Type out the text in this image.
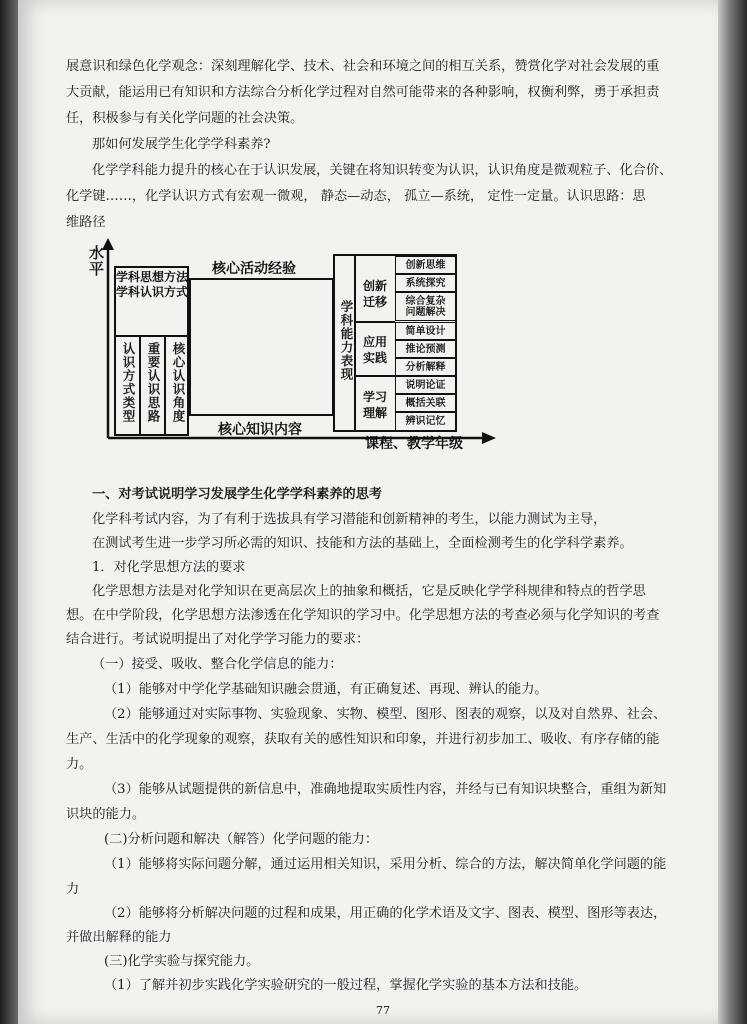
展意识和绿色化学观念：深刻理解化学、技术、社会和环境之间的相互关系，赞赏化学对社会发展的重
大贡献，能运用已有知识和方法综合分析化学过程对自然可能带来的各种影响，权衡利弊，勇于承担责
任，积极参与有关化学问题的社会决策。
那如何发展学生化学学科素养?
化学学科能力提升的核心在于认识发展，关键在将知识转变为认识，认识角度是微观粒子、化合价、
化学键……，化学认识方式有宏观一微观， 静态—动态， 孤立—系统， 定性一定量。认识思路：思
维路径
水平
课程、教学年级
学科思想方法学科认识方式
认识方式类型 重要认识思路 核心认识角度
核心活动经验
核心知识内容
学科能力表现
创新迁移
应用实践
学习理解
创新思维
系统探究
综合复杂问题解决
简单设计
推论预测
分析解释
说明论证
概括关联
辨识记忆
一、对考试说明学习发展学生化学学科素养的思考
化学科考试内容，为了有利于选拔具有学习潜能和创新精神的考生，以能力测试为主导，
在测试考生进一步学习所必需的知识、技能和方法的基础上，全面检测考生的化学科学素养。
1．对化学思想方法的要求
化学思想方法是对化学知识在更高层次上的抽象和概括，它是反映化学学科规律和特点的哲学思
想。在中学阶段，化学思想方法渗透在化学知识的学习中。化学思想方法的考查必须与化学知识的考查
结合进行。考试说明提出了对化学学习能力的要求：
（一）接受、吸收、整合化学信息的能力：
（1）能够对中学化学基础知识融会贯通，有正确复述、再现、辨认的能力。
（2）能够通过对实际事物、实验现象、实物、模型、图形、图表的观察，以及对自然界、社会、
生产、生活中的化学现象的观察，获取有关的感性知识和印象，并进行初步加工、吸收、有序存储的能
力。
（3）能够从试题提供的新信息中，准确地提取实质性内容，并经与已有知识块整合，重组为新知
识块的能力。
(二)分析问题和解决（解答）化学问题的能力：
（1）能够将实际问题分解，通过运用相关知识，采用分析、综合的方法，解决简单化学问题的能
力
（2）能够将分析解决问题的过程和成果，用正确的化学术语及文字、图表、模型、图形等表达，
并做出解释的能力
(三)化学实验与探究能力。
（1）了解并初步实践化学实验研究的一般过程，掌握化学实验的基本方法和技能。
77
